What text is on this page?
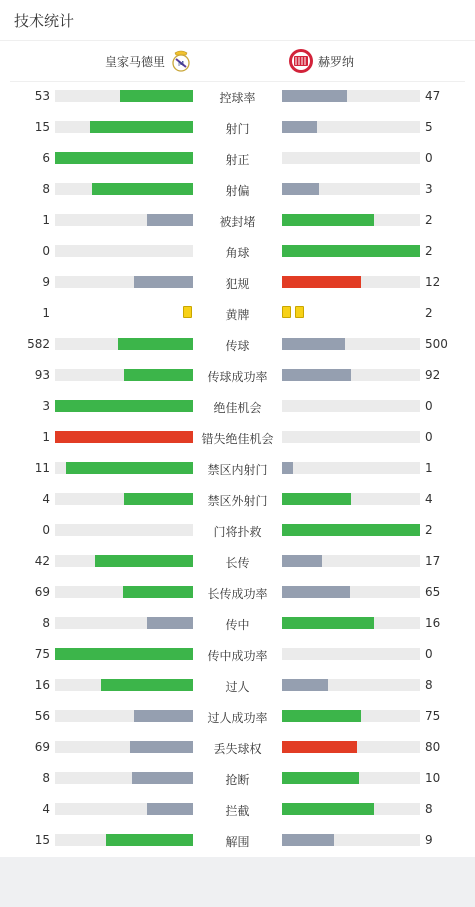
技术统计
皇家马德里 M	赫罗纳
53	控球率	47
15	射门	5
6	射正	0
8	射偏	3
1	被封堵	2
0	角球	2
9	犯规	12
1	黄牌	2
582	传球	500
93	传球成功率	92
3	绝佳机会	0
1	错失绝佳机会	0
11	禁区内射门	1
4	禁区外射门	4
0	门将扑救	2
42	长传	17
69	长传成功率	65
8	传中	16
75	传中成功率	0
16	过人	8
56	过人成功率	75
69	丢失球权	80
8	抢断	10
4	拦截	8
15	解围	9
